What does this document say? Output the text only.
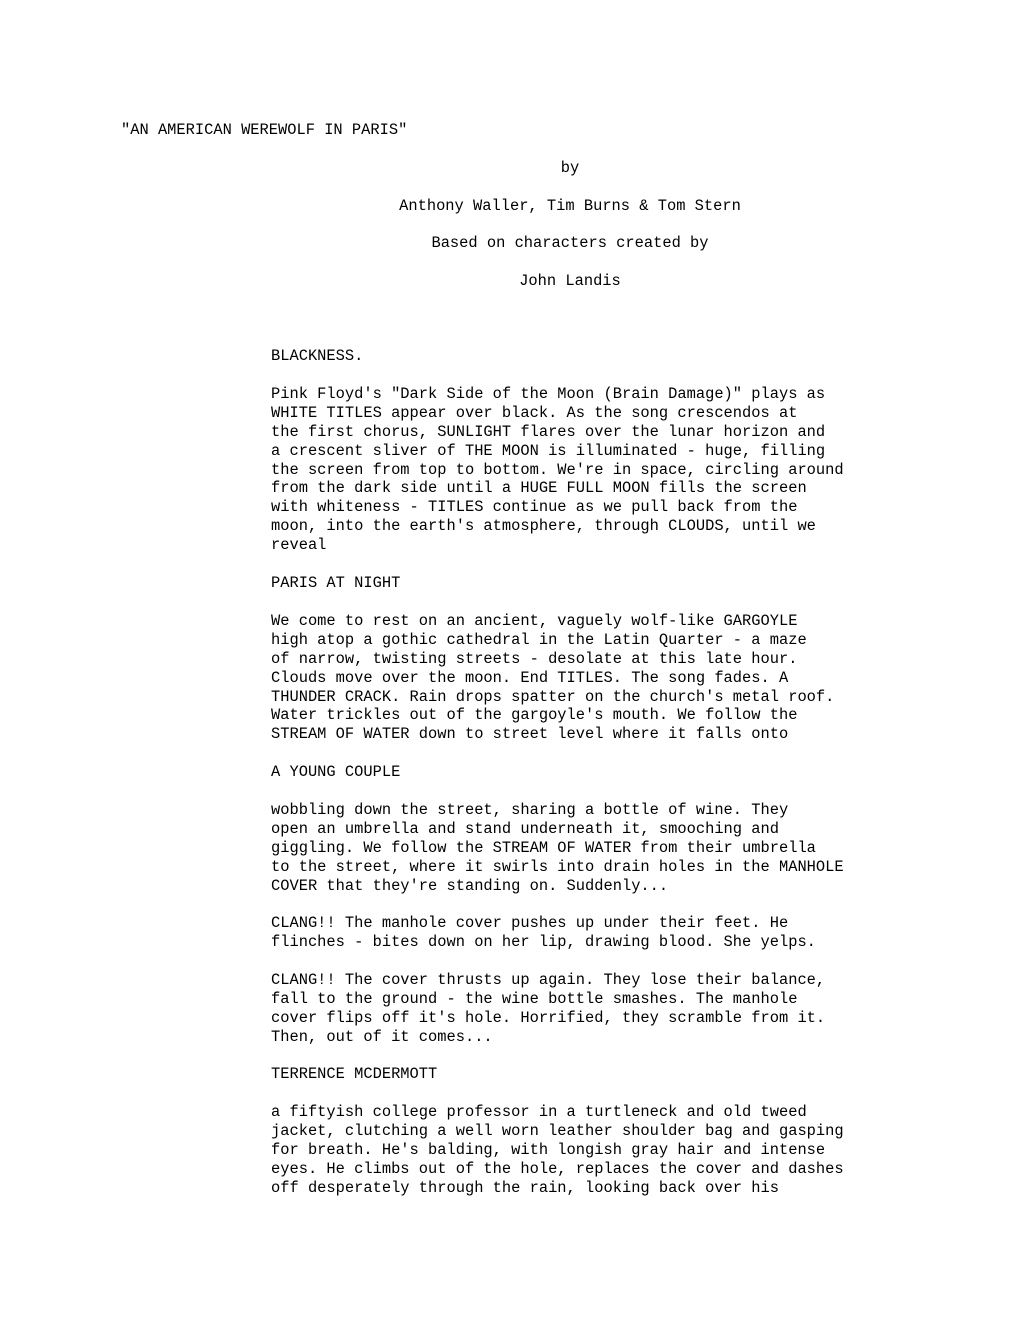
"AN AMERICAN WEREWOLF IN PARIS"
by
Anthony Waller, Tim Burns & Tom Stern
Based on characters created by
John Landis
BLACKNESS.
Pink Floyd's "Dark Side of the Moon (Brain Damage)" plays as
WHITE TITLES appear over black. As the song crescendos at
the first chorus, SUNLIGHT flares over the lunar horizon and
a crescent sliver of THE MOON is illuminated - huge, filling
the screen from top to bottom. We're in space, circling around
from the dark side until a HUGE FULL MOON fills the screen
with whiteness - TITLES continue as we pull back from the
moon, into the earth's atmosphere, through CLOUDS, until we
reveal
PARIS AT NIGHT
We come to rest on an ancient, vaguely wolf-like GARGOYLE
high atop a gothic cathedral in the Latin Quarter - a maze
of narrow, twisting streets - desolate at this late hour.
Clouds move over the moon. End TITLES. The song fades. A
THUNDER CRACK. Rain drops spatter on the church's metal roof.
Water trickles out of the gargoyle's mouth. We follow the
STREAM OF WATER down to street level where it falls onto
A YOUNG COUPLE
wobbling down the street, sharing a bottle of wine. They
open an umbrella and stand underneath it, smooching and
giggling. We follow the STREAM OF WATER from their umbrella
to the street, where it swirls into drain holes in the MANHOLE
COVER that they're standing on. Suddenly...
CLANG!! The manhole cover pushes up under their feet. He
flinches - bites down on her lip, drawing blood. She yelps.
CLANG!! The cover thrusts up again. They lose their balance,
fall to the ground - the wine bottle smashes. The manhole
cover flips off it's hole. Horrified, they scramble from it.
Then, out of it comes...
TERRENCE MCDERMOTT
a fiftyish college professor in a turtleneck and old tweed
jacket, clutching a well worn leather shoulder bag and gasping
for breath. He's balding, with longish gray hair and intense
eyes. He climbs out of the hole, replaces the cover and dashes
off desperately through the rain, looking back over his
